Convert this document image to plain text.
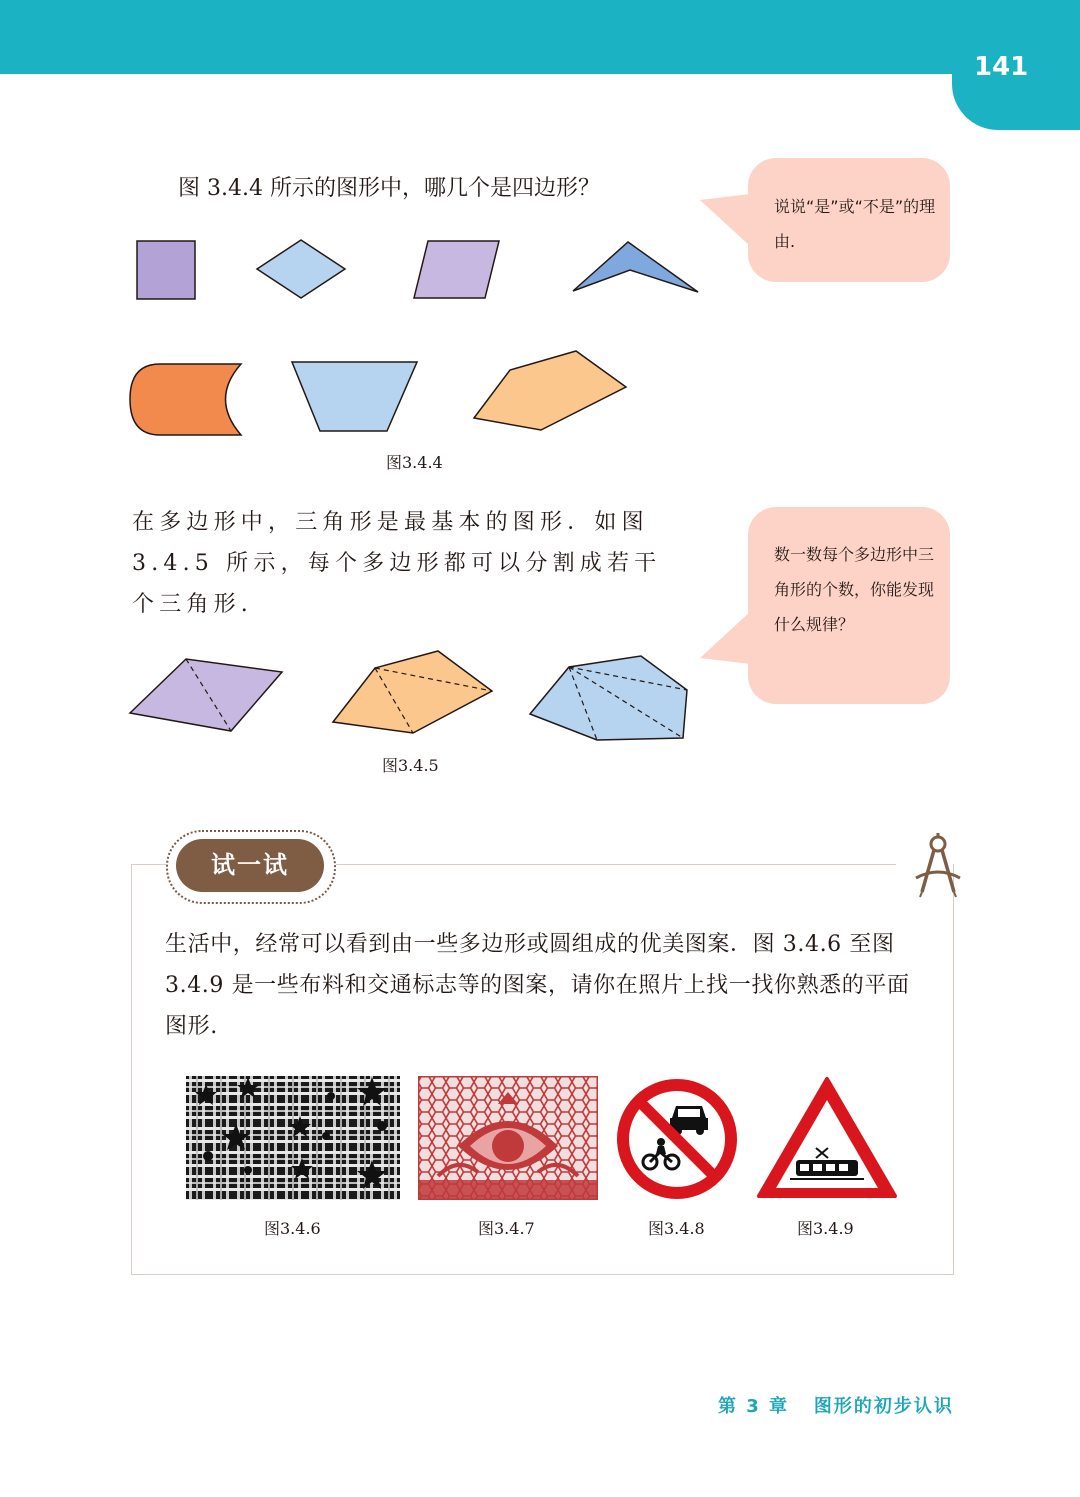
141
图 3.4.4 所示的图形中，哪几个是四边形？
图3.4.4
说说“是”或“不是”的理由.
在多边形中，三角形是最基本的图形．如图 3.4.5 所示，每个多边形都可以分割成若干个三角形.
图3.4.5
数一数每个多边形中三角形的个数，你能发现什么规律？
试一试
生活中，经常可以看到由一些多边形或圆组成的优美图案．图 3.4.6 至图 3.4.9 是一些布料和交通标志等的图案，请你在照片上找一找你熟悉的平面图形.
图3.4.6	图3.4.7	图3.4.8	图3.4.9
第 3 章 图形的初步认识
